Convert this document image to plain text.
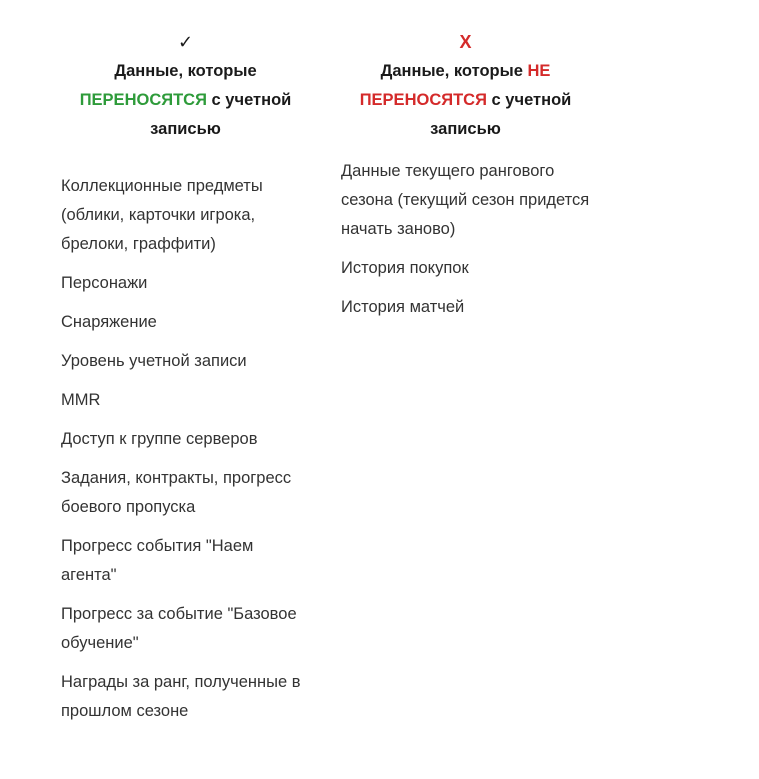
✓
Данные, которые
ПЕРЕНОСЯТСЯ с учетной записью
Коллекционные предметы (облики, карточки игрока, брелоки, граффити)
Персонажи
Снаряжение
Уровень учетной записи
MMR
Доступ к группе серверов
Задания, контракты, прогресс боевого пропуска
Прогресс события "Наем агента"
Прогресс за событие "Базовое обучение"
Награды за ранг, полученные в прошлом сезоне
X
Данные, которые НЕ ПЕРЕНОСЯТСЯ с учетной записью
Данные текущего рангового сезона (текущий сезон придется начать заново)
История покупок
История матчей
